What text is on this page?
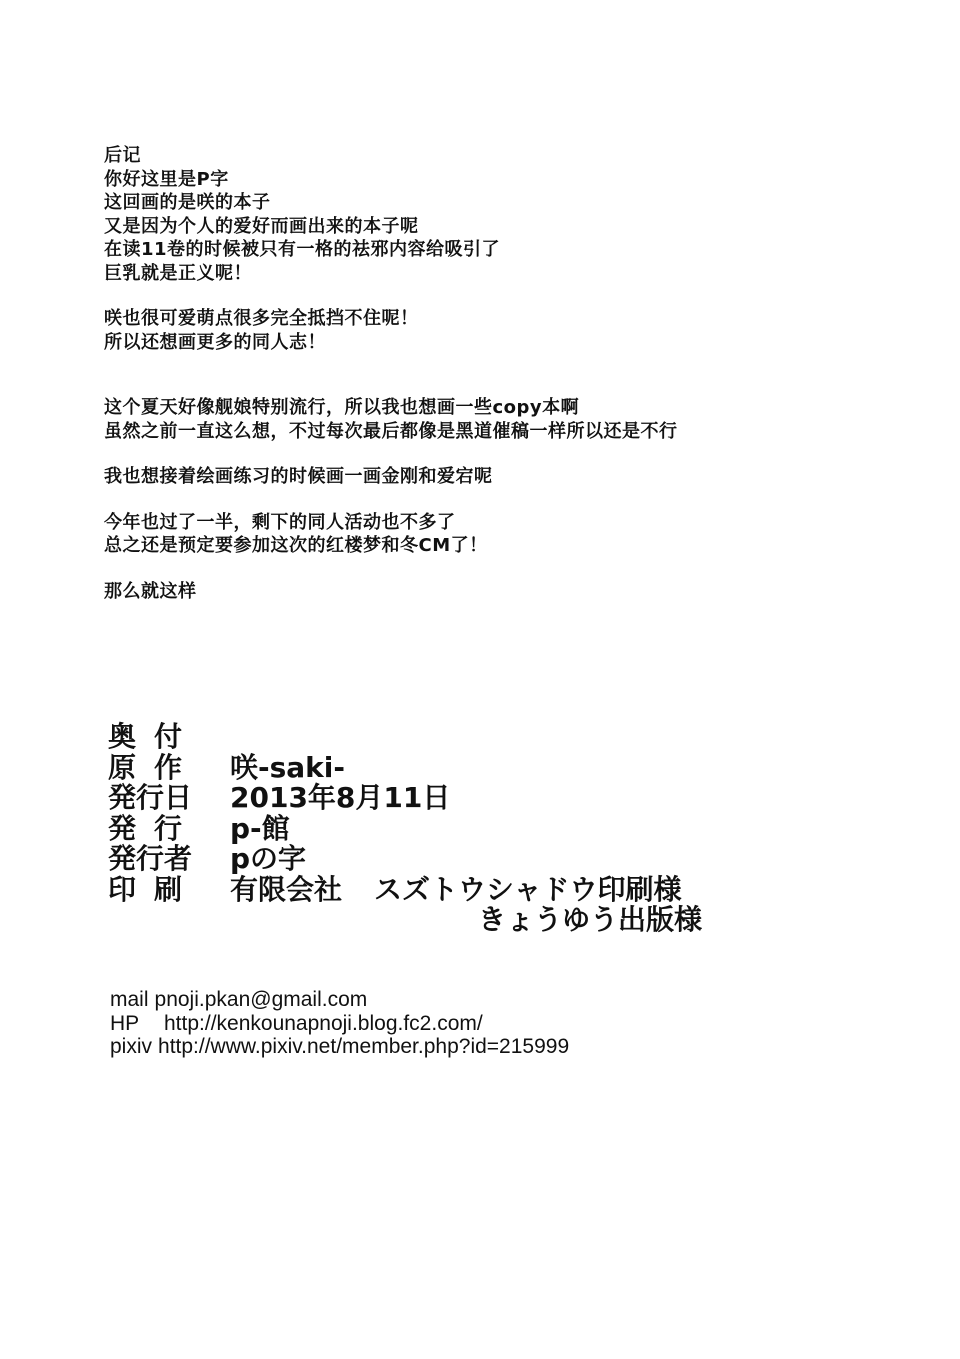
后记
你好这里是P字
这回画的是咲的本子
又是因为个人的爱好而画出来的本子呢
在读11卷的时候被只有一格的祛邪内容给吸引了
巨乳就是正义呢！
咲也很可爱萌点很多完全抵挡不住呢！
所以还想画更多的同人志！
这个夏天好像舰娘特别流行，所以我也想画一些copy本啊
虽然之前一直这么想，不过每次最后都像是黑道催稿一样所以还是不行
我也想接着绘画练习的时候画一画金刚和爱宕呢
今年也过了一半，剩下的同人活动也不多了
总之还是预定要参加这次的红楼梦和冬CM了！
那么就这样
奥付
原作	咲-saki-
発行日	2013年8月11日
発行	p-館
発行者	pの字
印刷	有限会社 スズトウシャドウ印刷様
きょうゆう出版様
mail pnoji.pkan@gmail.com
HP	http://kenkounapnoji.blog.fc2.com/
pixiv http://www.pixiv.net/member.php?id=215999
